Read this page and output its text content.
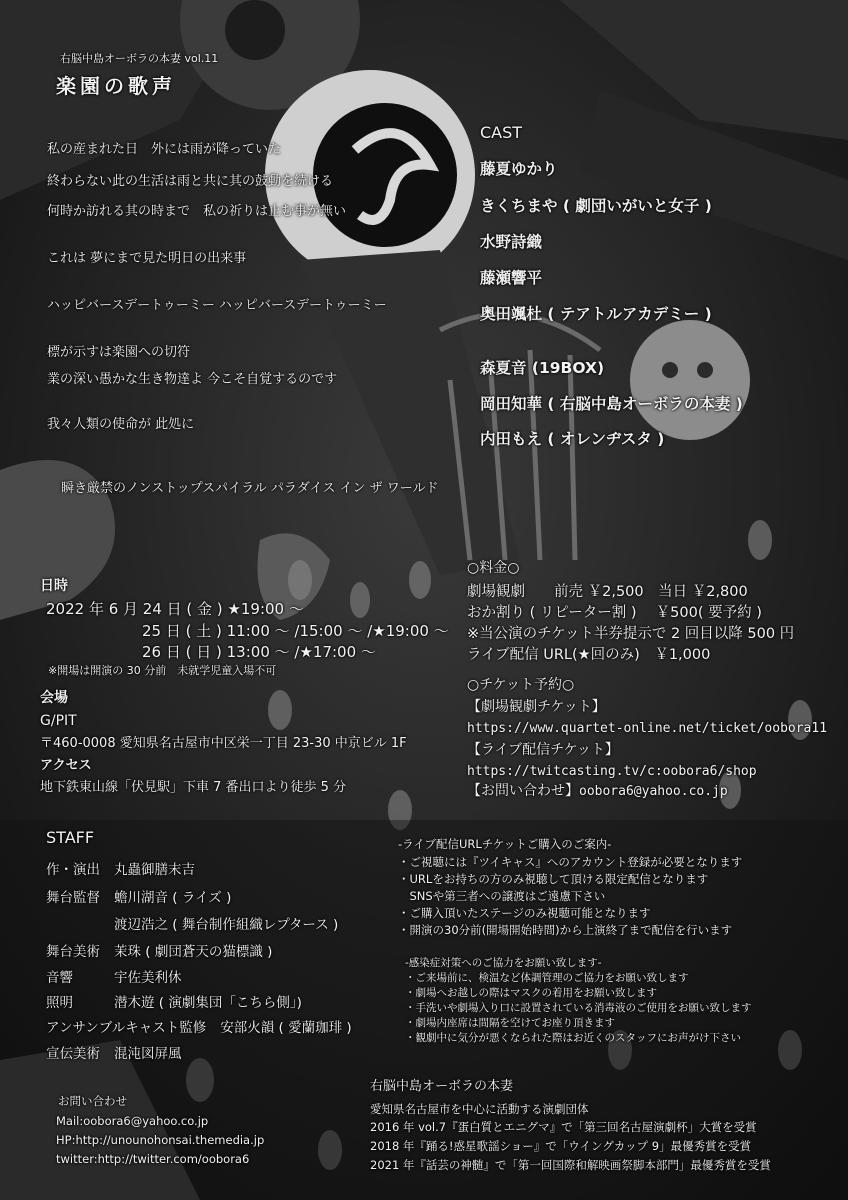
右脳中島オーボラの本妻 vol.11
楽園の歌声
私の産まれた日　外には雨が降っていた
終わらない此の生活は雨と共に其の鼓動を続ける
何時か訪れる其の時まで　私の祈りは止む事が無い
これは 夢にまで見た明日の出来事
ハッピバースデートゥーミー ハッピバースデートゥーミー
標が示すは楽園への切符
業の深い愚かな生き物達よ 今こそ自覚するのです
我々人類の使命が 此処に
瞬き厳禁のノンストップスパイラル パラダイス イン ザ ワールド
CAST
藤夏ゆかり
きくちまや ( 劇団いがいと女子 )
水野詩織
藤瀬響平
奥田颯杜 ( テアトルアカデミー )
森夏音 (19BOX)
岡田知華 ( 右脳中島オーボラの本妻 )
内田もえ ( オレンヂスタ )
日時
2022 年 6 月 24 日 ( 金 ) ★19:00 ～
25 日 ( 土 ) 11:00 ～ /15:00 ～ /★19:00 ～
26 日 ( 日 ) 13:00 ～ /★17:00 ～
※開場は開演の 30 分前　未就学児童入場不可
会場
G/PIT
〒460-0008 愛知県名古屋市中区栄一丁目 23-30 中京ビル 1F
アクセス
地下鉄東山線「伏見駅」下車 7 番出口より徒歩 5 分
○料金○
劇場観劇　　前売 ￥2,500　当日 ￥2,800
おか割り ( リピーター割 )　 ￥500( 要予約 )
※当公演のチケット半券提示で 2 回目以降 500 円
ライブ配信 URL(★回のみ)　￥1,000
○チケット予約○
【劇場観劇チケット】
https://www.quartet-online.net/ticket/oobora11
【ライブ配信チケット】
https://twitcasting.tv/c:oobora6/shop
【お問い合わせ】oobora6@yahoo.co.jp
STAFF
作・演出 丸蟲御膳末吉
舞台監督 蟾川湖音 ( ライズ )
渡辺浩之 ( 舞台制作組織レプタース )
舞台美術 茉珠 ( 劇団蒼天の猫標識 )
音響	宇佐美利休
照明	潜木遊 ( 演劇集団「こちら側」)
アンサンブルキャスト監修 安部火韻 ( 愛蘭珈琲 )
宣伝美術 混沌図屏風
-ライブ配信URLチケットご購入のご案内-
・ご視聴には『ツイキャス』へのアカウント登録が必要となります
・URLをお持ちの方のみ視聴して頂ける限定配信となります
　SNSや第三者への譲渡はご遠慮下さい
・ご購入頂いたステージのみ視聴可能となります
・開演の30分前(開場開始時間)から上演終了まで配信を行います
-感染症対策へのご協力をお願い致します-
・ご来場前に、検温など体調管理のご協力をお願い致します
・劇場へお越しの際はマスクの着用をお願い致します
・手洗いや劇場入り口に設置されている消毒液のご使用をお願い致します
・劇場内座席は間隔を空けてお座り頂きます
・観劇中に気分が悪くなられた際はお近くのスタッフにお声がけ下さい
お問い合わせ
Mail:oobora6@yahoo.co.jp
HP:http://unounohonsai.themedia.jp
twitter:http://twitter.com/oobora6
右脳中島オーボラの本妻
愛知県名古屋市を中心に活動する演劇団体
2016 年 vol.7『蛋白質とエニグマ』で「第三回名古屋演劇杯」大賞を受賞
2018 年『踊る!惑星歌謡ショー』で「ウイングカップ 9」最優秀賞を受賞
2021 年『話芸の神髄』で「第一回国際和解映画祭脚本部門」最優秀賞を受賞
